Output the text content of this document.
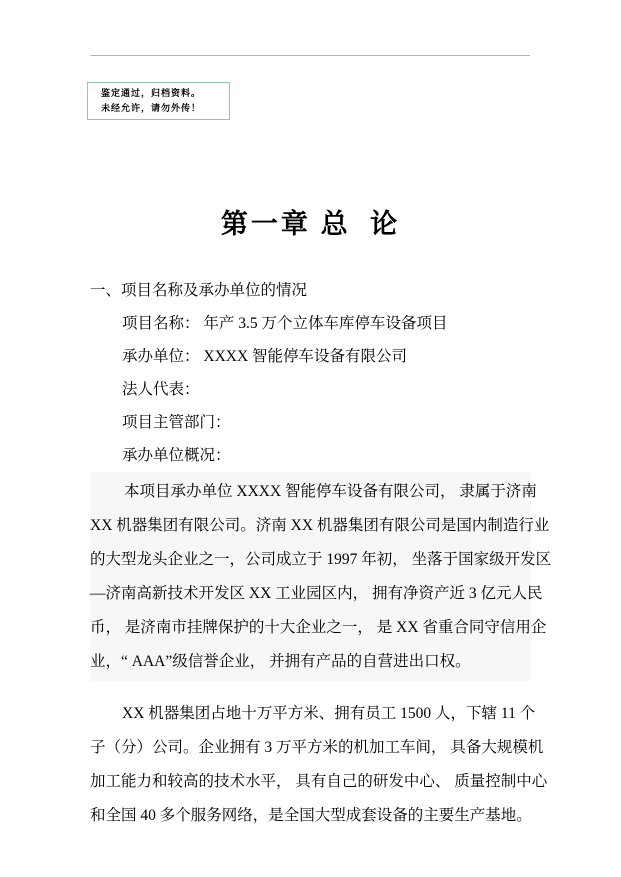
鉴定通过，归档资料。
未经允许，请勿外传！
第一章 总  论
一、项目名称及承办单位的情况
项目名称： 年产 3.5 万个立体车库停车设备项目
承办单位： XXXX 智能停车设备有限公司
法人代表：
项目主管部门：
承办单位概况：
本项目承办单位 XXXX 智能停车设备有限公司， 隶属于济南
XX 机器集团有限公司。济南 XX 机器集团有限公司是国内制造行业
的大型龙头企业之一，公司成立于 1997 年初， 坐落于国家级开发区
—济南高新技术开发区 XX 工业园区内， 拥有净资产近 3 亿元人民
币， 是济南市挂牌保护的十大企业之一， 是 XX 省重合同守信用企
业，“ AAA”级信誉企业， 并拥有产品的自营进出口权。
XX 机器集团占地十万平方米、拥有员工 1500 人，下辖 11 个
子（分）公司。企业拥有 3 万平方米的机加工车间， 具备大规模机
加工能力和较高的技术水平， 具有自己的研发中心、 质量控制中心
和全国 40 多个服务网络，是全国大型成套设备的主要生产基地。
